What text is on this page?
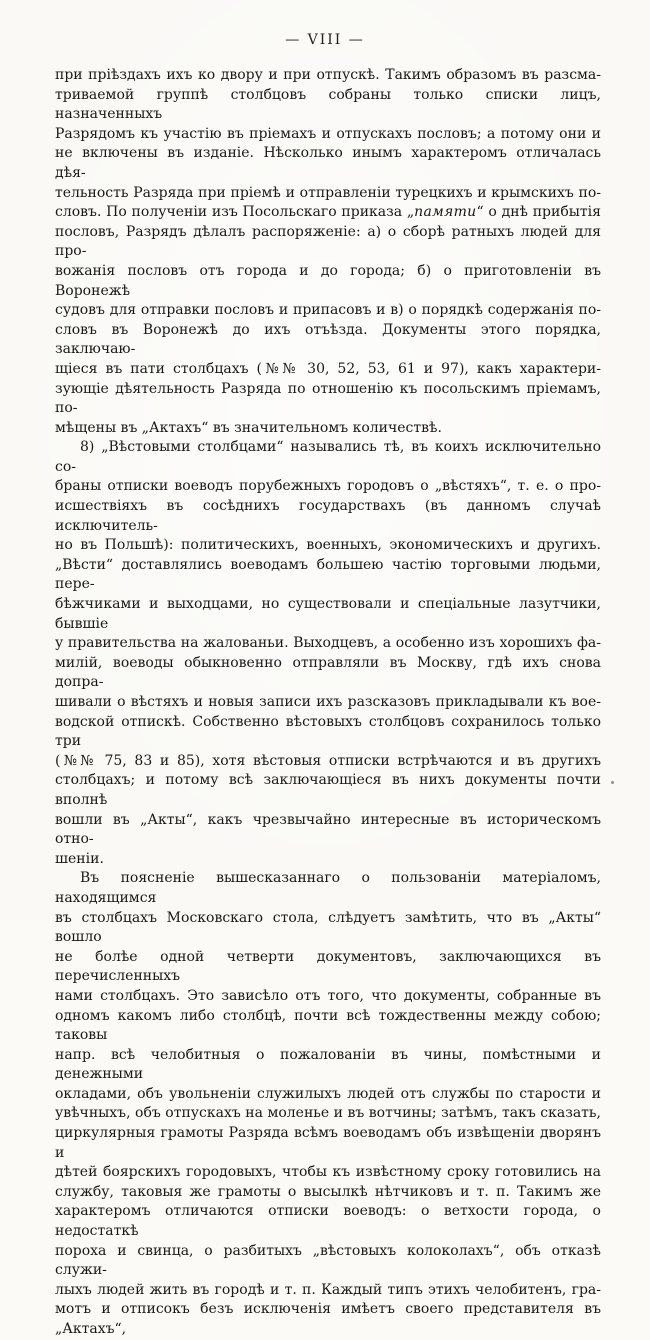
— VIII —
при пріѣздахъ ихъ ко двору и при отпускѣ. Такимъ образомъ въ разсма-
триваемой группѣ столбцовъ собраны только списки лицъ, назначенныхъ
Разрядомъ къ участію въ пріемахъ и отпускахъ пословъ; а потому они и
не включены въ изданіе. Нѣсколько инымъ характеромъ отличалась дѣя-
тельность Разряда при пріемѣ и отправленіи турецкихъ и крымскихъ по-
словъ. По полученіи изъ Посольскаго приказа „памяти“ о днѣ прибытія
пословъ, Разрядъ дѣлалъ распоряженіе: а) о сборѣ ратныхъ людей для про-
вожанія пословъ отъ города и до города; б) о приготовленіи въ Воронежѣ
судовъ для отправки пословъ и припасовъ и в) о порядкѣ содержанія по-
словъ въ Воронежѣ до ихъ отъѣзда. Документы этого порядка, заключаю-
щіеся въ пати столбцахъ (№№ 30, 52, 53, 61 и 97), какъ характери-
зующіе дѣятельность Разряда по отношенію къ посольскимъ пріемамъ, по-
мѣщены въ „Актахъ“ въ значительномъ количествѣ.
8) „Вѣстовыми столбцами“ назывались тѣ, въ коихъ исключительно со-
браны отписки воеводъ порубежныхъ городовъ о „вѣстяхъ“, т. е. о про-
исшествіяхъ въ сосѣднихъ государствахъ (въ данномъ случаѣ исключитель-
но въ Польшѣ): политическихъ, военныхъ, экономическихъ и другихъ.
„Вѣсти“ доставлялись воеводамъ большею частію торговыми людьми, пере-
бѣжчиками и выходцами, но существовали и спеціальные лазутчики, бывшіе
у правительства на жалованьи. Выходцевъ, а особенно изъ хорошихъ фа-
милій, воеводы обыкновенно отправляли въ Москву, гдѣ ихъ снова допра-
шивали о вѣстяхъ и новыя записи ихъ разсказовъ прикладывали къ вое-
водской отпискѣ. Собственно вѣстовыхъ столбцовъ сохранилось только три
(№№ 75, 83 и 85), хотя вѣстовыя отписки встрѣчаются и въ другихъ
столбцахъ; и потому всѣ заключающіеся въ нихъ документы почти вполнѣ
вошли въ „Акты“, какъ чрезвычайно интересные въ историческомъ отно-
шеніи.
Въ поясненіе вышесказаннаго о пользованіи матеріаломъ, находящимся
въ столбцахъ Московскаго стола, слѣдуетъ замѣтить, что въ „Акты“ вошло
не болѣе одной четверти документовъ, заключающихся въ перечисленныхъ
нами столбцахъ. Это зависѣло отъ того, что документы, собранные въ
одномъ какомъ либо столбцѣ, почти всѣ тождественны между собою; таковы
напр. всѣ челобитныя о пожалованіи въ чины, помѣстными и денежными
окладами, объ увольненіи служилыхъ людей отъ службы по старости и
увѣчныхъ, объ отпускахъ на моленье и въ вотчины; затѣмъ, такъ сказать,
циркулярныя грамоты Разряда всѣмъ воеводамъ объ извѣщеніи дворянъ и
дѣтей боярскихъ городовыхъ, чтобы къ извѣстному сроку готовились на
службу, таковыя же грамоты о высылкѣ нѣтчиковъ и т. п. Такимъ же
характеромъ отличаются отписки воеводъ: о ветхости города, о недостаткѣ
пороха и свинца, о разбитыхъ „вѣстовыхъ колоколахъ“, объ отказѣ служи-
лыхъ людей жить въ городѣ и т. п. Каждый типъ этихъ челобитенъ, гра-
мотъ и отписокъ безъ исключенія имѣетъ своего представителя въ „Актахъ“,
